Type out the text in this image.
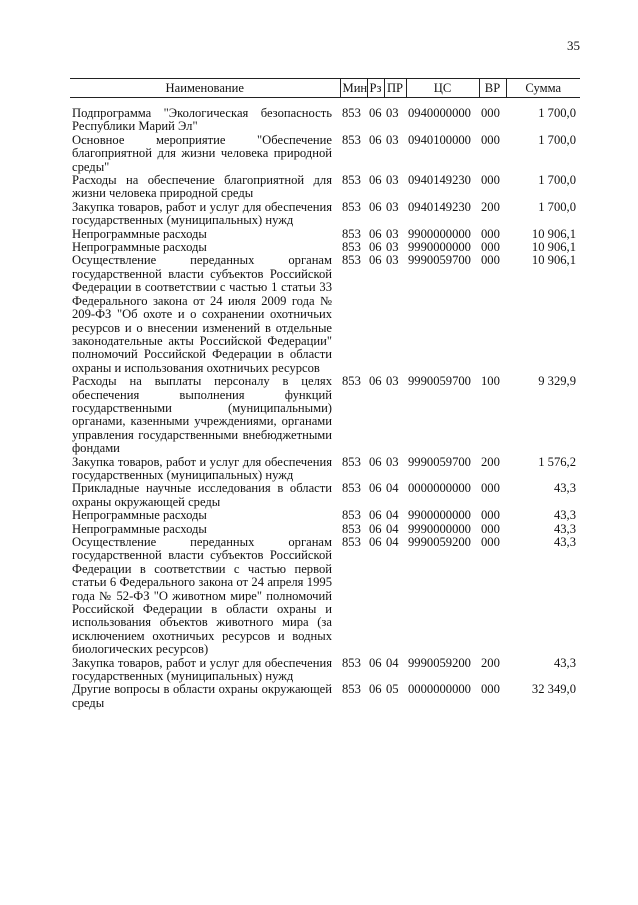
35
Наименование	Мин	Рз	ПР	ЦС	ВР	Сумма
Подпрограмма "Экологическая безопасность Республики Марий Эл"	853	06	03	0940000000	000	1 700,0
Основное мероприятие "Обеспечение благоприятной для жизни человека природной среды"	853	06	03	0940100000	000	1 700,0
Расходы на обеспечение благоприятной для жизни человека природной среды	853	06	03	0940149230	000	1 700,0
Закупка товаров, работ и услуг для обеспечения государственных (муниципальных) нужд	853	06	03	0940149230	200	1 700,0
Непрограммные расходы	853	06	03	9900000000	000	10 906,1
Непрограммные расходы	853	06	03	9990000000	000	10 906,1
Осуществление переданных органам государственной власти субъектов Российской Федерации в соответствии с частью 1 статьи 33 Федерального закона от 24 июля 2009 года № 209-ФЗ "Об охоте и о сохранении охотничьих ресурсов и о внесении изменений в отдельные законодательные акты Российской Федерации" полномочий Российской Федерации в области охраны и использования охотничьих ресурсов	853	06	03	9990059700	000	10 906,1
Расходы на выплаты персоналу в целях обеспечения выполнения функций государственными (муниципальными) органами, казенными учреждениями, органами управления государственными внебюджетными фондами	853	06	03	9990059700	100	9 329,9
Закупка товаров, работ и услуг для обеспечения государственных (муниципальных) нужд	853	06	03	9990059700	200	1 576,2
Прикладные научные исследования в области охраны окружающей среды	853	06	04	0000000000	000	43,3
Непрограммные расходы	853	06	04	9900000000	000	43,3
Непрограммные расходы	853	06	04	9990000000	000	43,3
Осуществление переданных органам государственной власти субъектов Российской Федерации в соответствии с частью первой статьи 6 Федерального закона от 24 апреля 1995 года № 52-ФЗ "О животном мире" полномочий Российской Федерации в области охраны и использования объектов животного мира (за исключением охотничьих ресурсов и водных биологических ресурсов)	853	06	04	9990059200	000	43,3
Закупка товаров, работ и услуг для обеспечения государственных (муниципальных) нужд	853	06	04	9990059200	200	43,3
Другие вопросы в области охраны окружающей среды	853	06	05	0000000000	000	32 349,0
